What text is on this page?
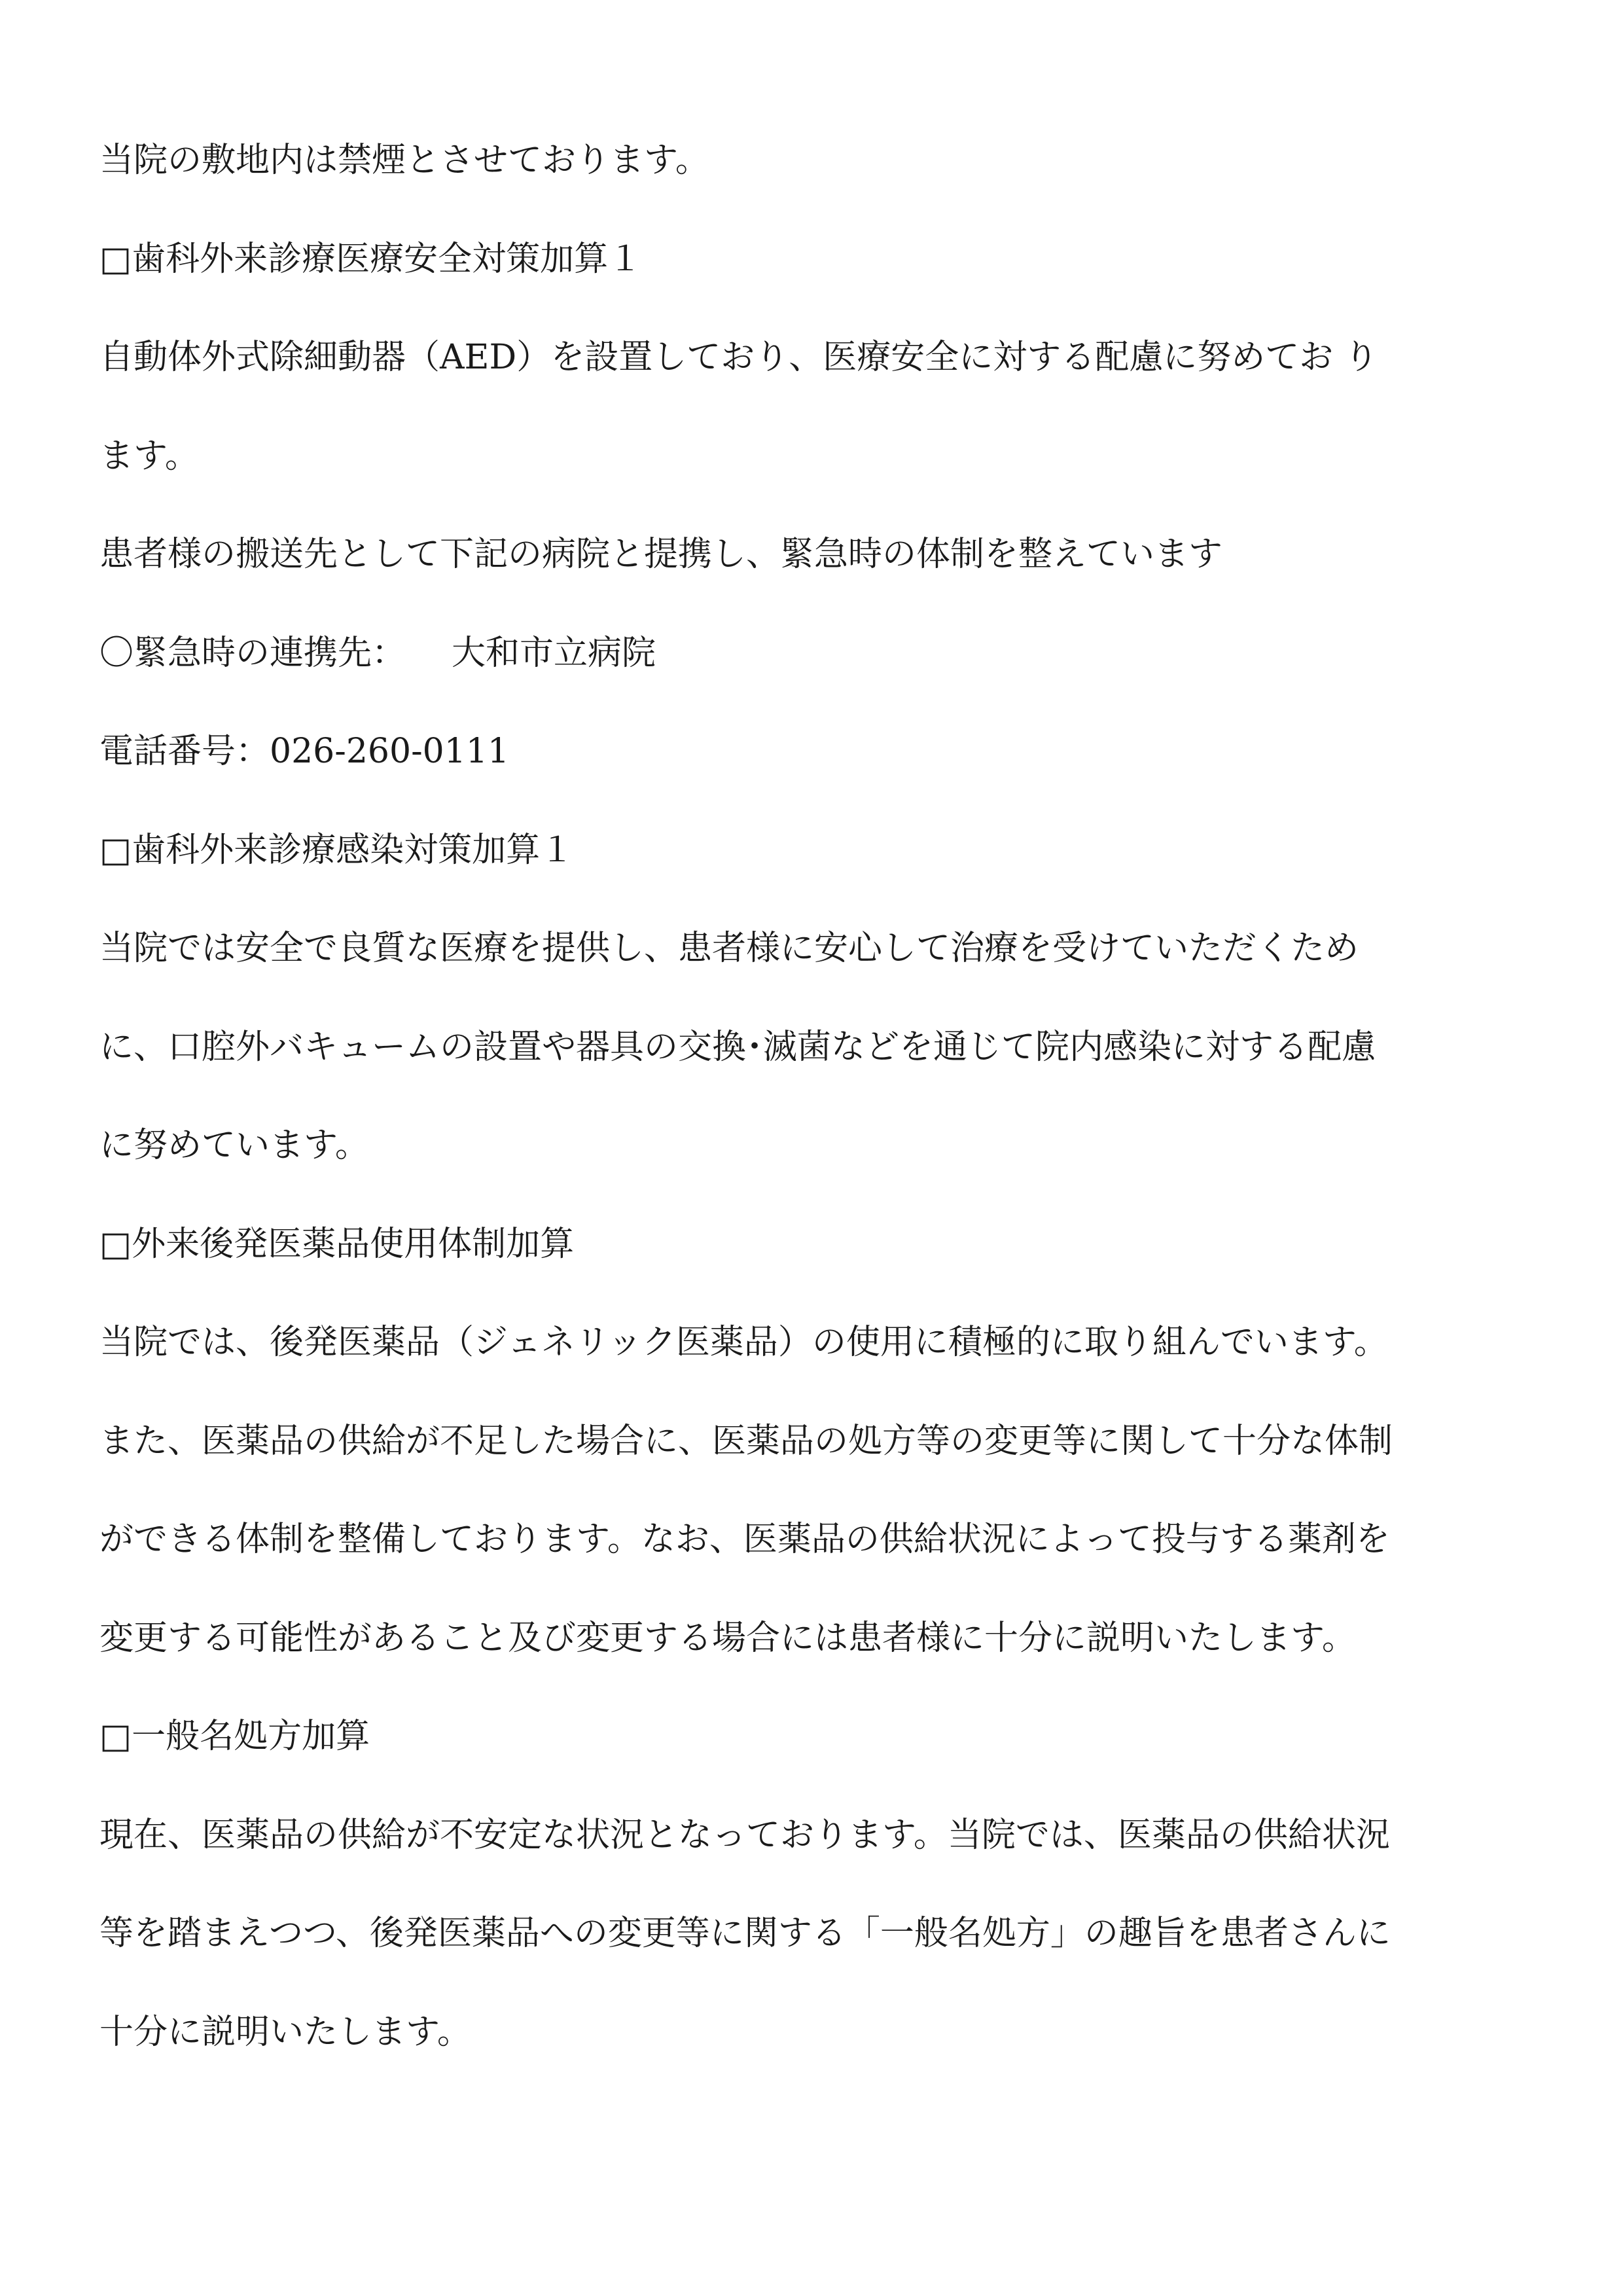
当院の敷地内は禁煙とさせております。
□歯科外来診療医療安全対策加算１
自動体外式除細動器（AED）を設置しており、医療安全に対する配慮に努めてお り
ます。
患者様の搬送先として下記の病院と提携し、緊急時の体制を整えています
〇緊急時の連携先： 大和市立病院
電話番号：026-260-0111
□歯科外来診療感染対策加算１
当院では安全で良質な医療を提供し、患者様に安心して治療を受けていただくため
に、口腔外バキュームの設置や器具の交換･滅菌などを通じて院内感染に対する配慮
に努めています。
□外来後発医薬品使用体制加算
当院では、後発医薬品（ジェネリック医薬品）の使用に積極的に取り組んでいます。
また、医薬品の供給が不足した場合に、医薬品の処方等の変更等に関して十分な体制
ができる体制を整備しております。なお、医薬品の供給状況によって投与する薬剤を
変更する可能性があること及び変更する場合には患者様に十分に説明いたします。
□一般名処方加算
現在、医薬品の供給が不安定な状況となっております。当院では、医薬品の供給状況
等を踏まえつつ、後発医薬品への変更等に関する「一般名処方」の趣旨を患者さんに
十分に説明いたします。
